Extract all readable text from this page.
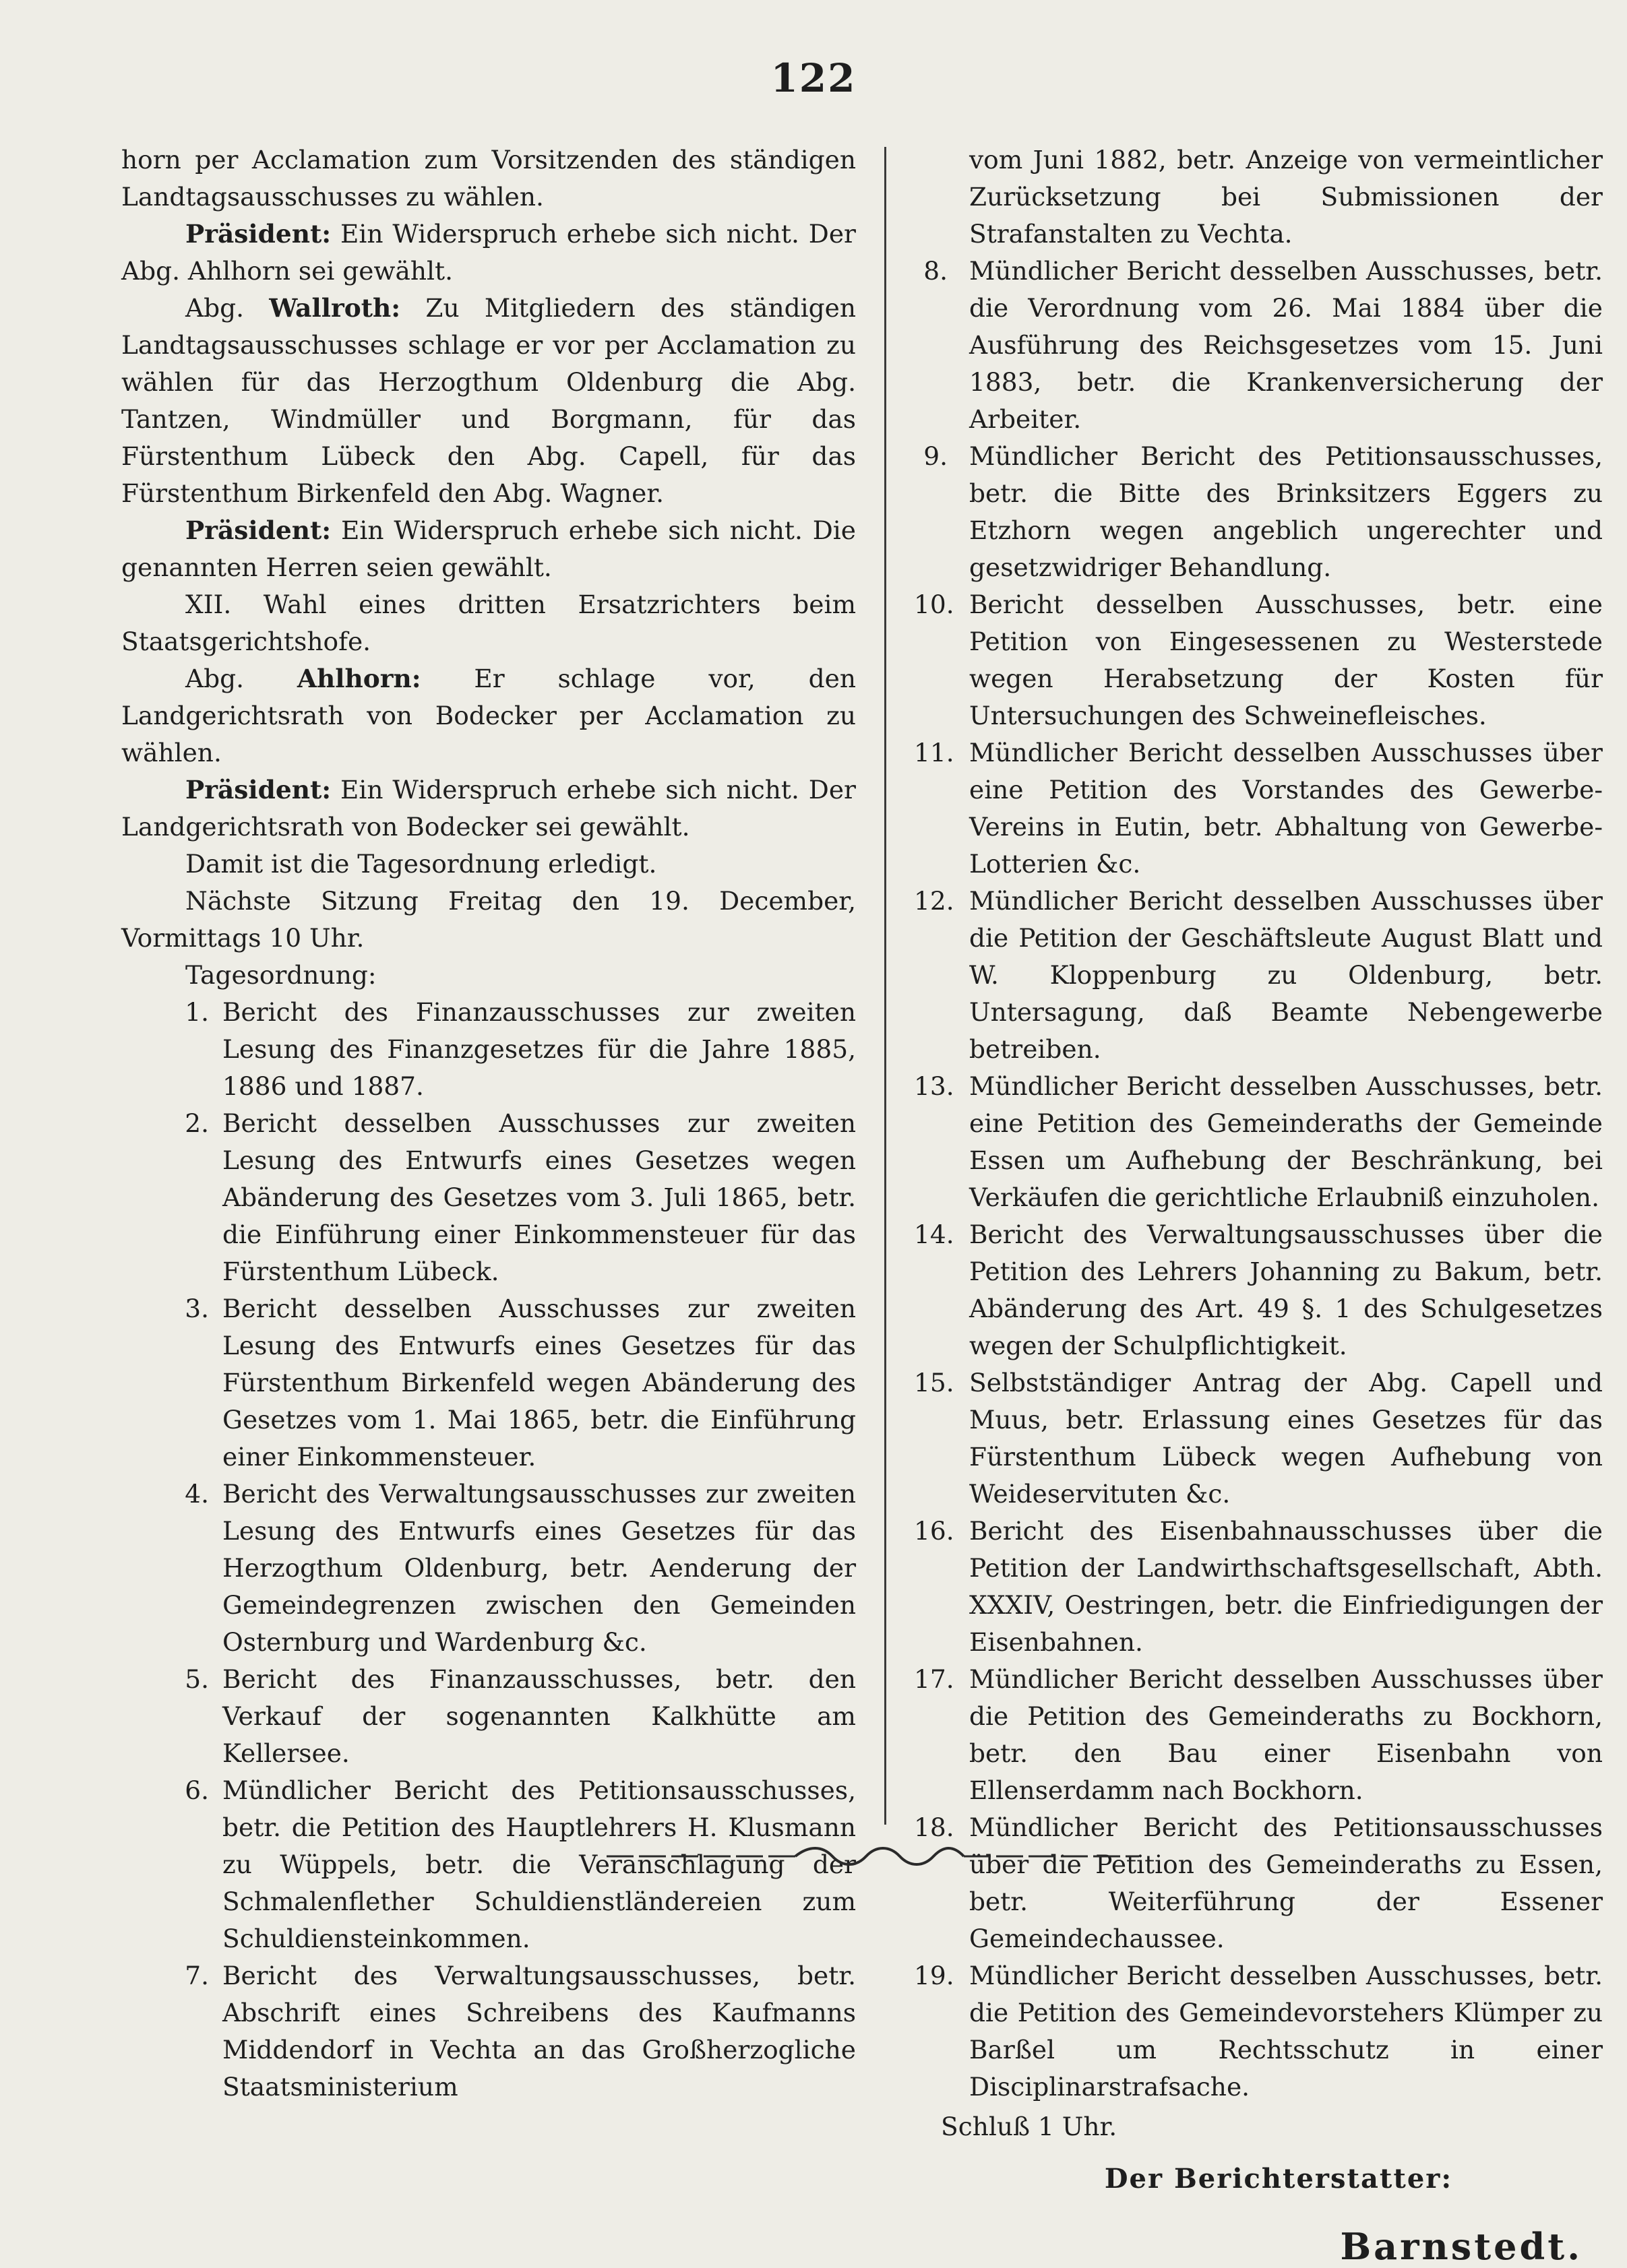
122

horn per Acclamation zum Vorsitzenden des ständigen Landtagsausschusses zu wählen.

Präsident: Ein Widerspruch erhebe sich nicht. Der Abg. Ahlhorn sei gewählt.

Abg. Wallroth: Zu Mitgliedern des ständigen Landtagsausschusses schlage er vor per Acclamation zu wählen für das Herzogthum Oldenburg die Abg. Tantzen, Windmüller und Borgmann, für das Fürstenthum Lübeck den Abg. Capell, für das Fürstenthum Birkenfeld den Abg. Wagner.

Präsident: Ein Widerspruch erhebe sich nicht. Die genannten Herren seien gewählt.

XII. Wahl eines dritten Ersatzrichters beim Staatsgerichtshofe.

Abg. Ahlhorn: Er schlage vor, den Landgerichtsrath von Bodecker per Acclamation zu wählen.

Präsident: Ein Widerspruch erhebe sich nicht. Der Landgerichtsrath von Bodecker sei gewählt.

Damit ist die Tagesordnung erledigt.

Nächste Sitzung Freitag den 19. December, Vormittags 10 Uhr.

Tagesordnung:

1. Bericht des Finanzausschusses zur zweiten Lesung des Finanzgesetzes für die Jahre 1885, 1886 und 1887.
2. Bericht desselben Ausschusses zur zweiten Lesung des Entwurfs eines Gesetzes wegen Abänderung des Gesetzes vom 3. Juli 1865, betr. die Einführung einer Einkommensteuer für das Fürstenthum Lübeck.
3. Bericht desselben Ausschusses zur zweiten Lesung des Entwurfs eines Gesetzes für das Fürstenthum Birkenfeld wegen Abänderung des Gesetzes vom 1. Mai 1865, betr. die Einführung einer Einkommensteuer.
4. Bericht des Verwaltungsausschusses zur zweiten Lesung des Entwurfs eines Gesetzes für das Herzogthum Oldenburg, betr. Aenderung der Gemeindegrenzen zwischen den Gemeinden Osternburg und Wardenburg &c.
5. Bericht des Finanzausschusses, betr. den Verkauf der sogenannten Kalkhütte am Kellersee.
6. Mündlicher Bericht des Petitionsausschusses, betr. die Petition des Hauptlehrers H. Klusmann zu Wüppels, betr. die Veranschlagung der Schmalenflether Schuldienstländereien zum Schuldiensteinkommen.
7. Bericht des Verwaltungsausschusses, betr. Abschrift eines Schreibens des Kaufmanns Middendorf in Vechta an das Großherzogliche Staatsministerium

vom Juni 1882, betr. Anzeige von vermeintlicher Zurücksetzung bei Submissionen der Strafanstalten zu Vechta.

8. Mündlicher Bericht desselben Ausschusses, betr. die Verordnung vom 26. Mai 1884 über die Ausführung des Reichsgesetzes vom 15. Juni 1883, betr. die Krankenversicherung der Arbeiter.
9. Mündlicher Bericht des Petitionsausschusses, betr. die Bitte des Brinksitzers Eggers zu Etzhorn wegen angeblich ungerechter und gesetzwidriger Behandlung.
10. Bericht desselben Ausschusses, betr. eine Petition von Eingesessenen zu Westerstede wegen Herabsetzung der Kosten für Untersuchungen des Schweinefleisches.
11. Mündlicher Bericht desselben Ausschusses über eine Petition des Vorstandes des Gewerbe-Vereins in Eutin, betr. Abhaltung von Gewerbe-Lotterien &c.
12. Mündlicher Bericht desselben Ausschusses über die Petition der Geschäftsleute August Blatt und W. Kloppenburg zu Oldenburg, betr. Untersagung, daß Beamte Nebengewerbe betreiben.
13. Mündlicher Bericht desselben Ausschusses, betr. eine Petition des Gemeinderaths der Gemeinde Essen um Aufhebung der Beschränkung, bei Verkäufen die gerichtliche Erlaubniß einzuholen.
14. Bericht des Verwaltungsausschusses über die Petition des Lehrers Johanning zu Bakum, betr. Abänderung des Art. 49 §. 1 des Schulgesetzes wegen der Schulpflichtigkeit.
15. Selbstständiger Antrag der Abg. Capell und Muus, betr. Erlassung eines Gesetzes für das Fürstenthum Lübeck wegen Aufhebung von Weideservituten &c.
16. Bericht des Eisenbahnausschusses über die Petition der Landwirthschaftsgesellschaft, Abth. XXXIV, Oestringen, betr. die Einfriedigungen der Eisenbahnen.
17. Mündlicher Bericht desselben Ausschusses über die Petition des Gemeinderaths zu Bockhorn, betr. den Bau einer Eisenbahn von Ellenserdamm nach Bockhorn.
18. Mündlicher Bericht des Petitionsausschusses über die Petition des Gemeinderaths zu Essen, betr. Weiterführung der Essener Gemeindechaussee.
19. Mündlicher Bericht desselben Ausschusses, betr. die Petition des Gemeindevorstehers Klümper zu Barßel um Rechtsschutz in einer Disciplinarstrafsache.

Schluß 1 Uhr.

Der Berichterstatter:

Barnstedt.
